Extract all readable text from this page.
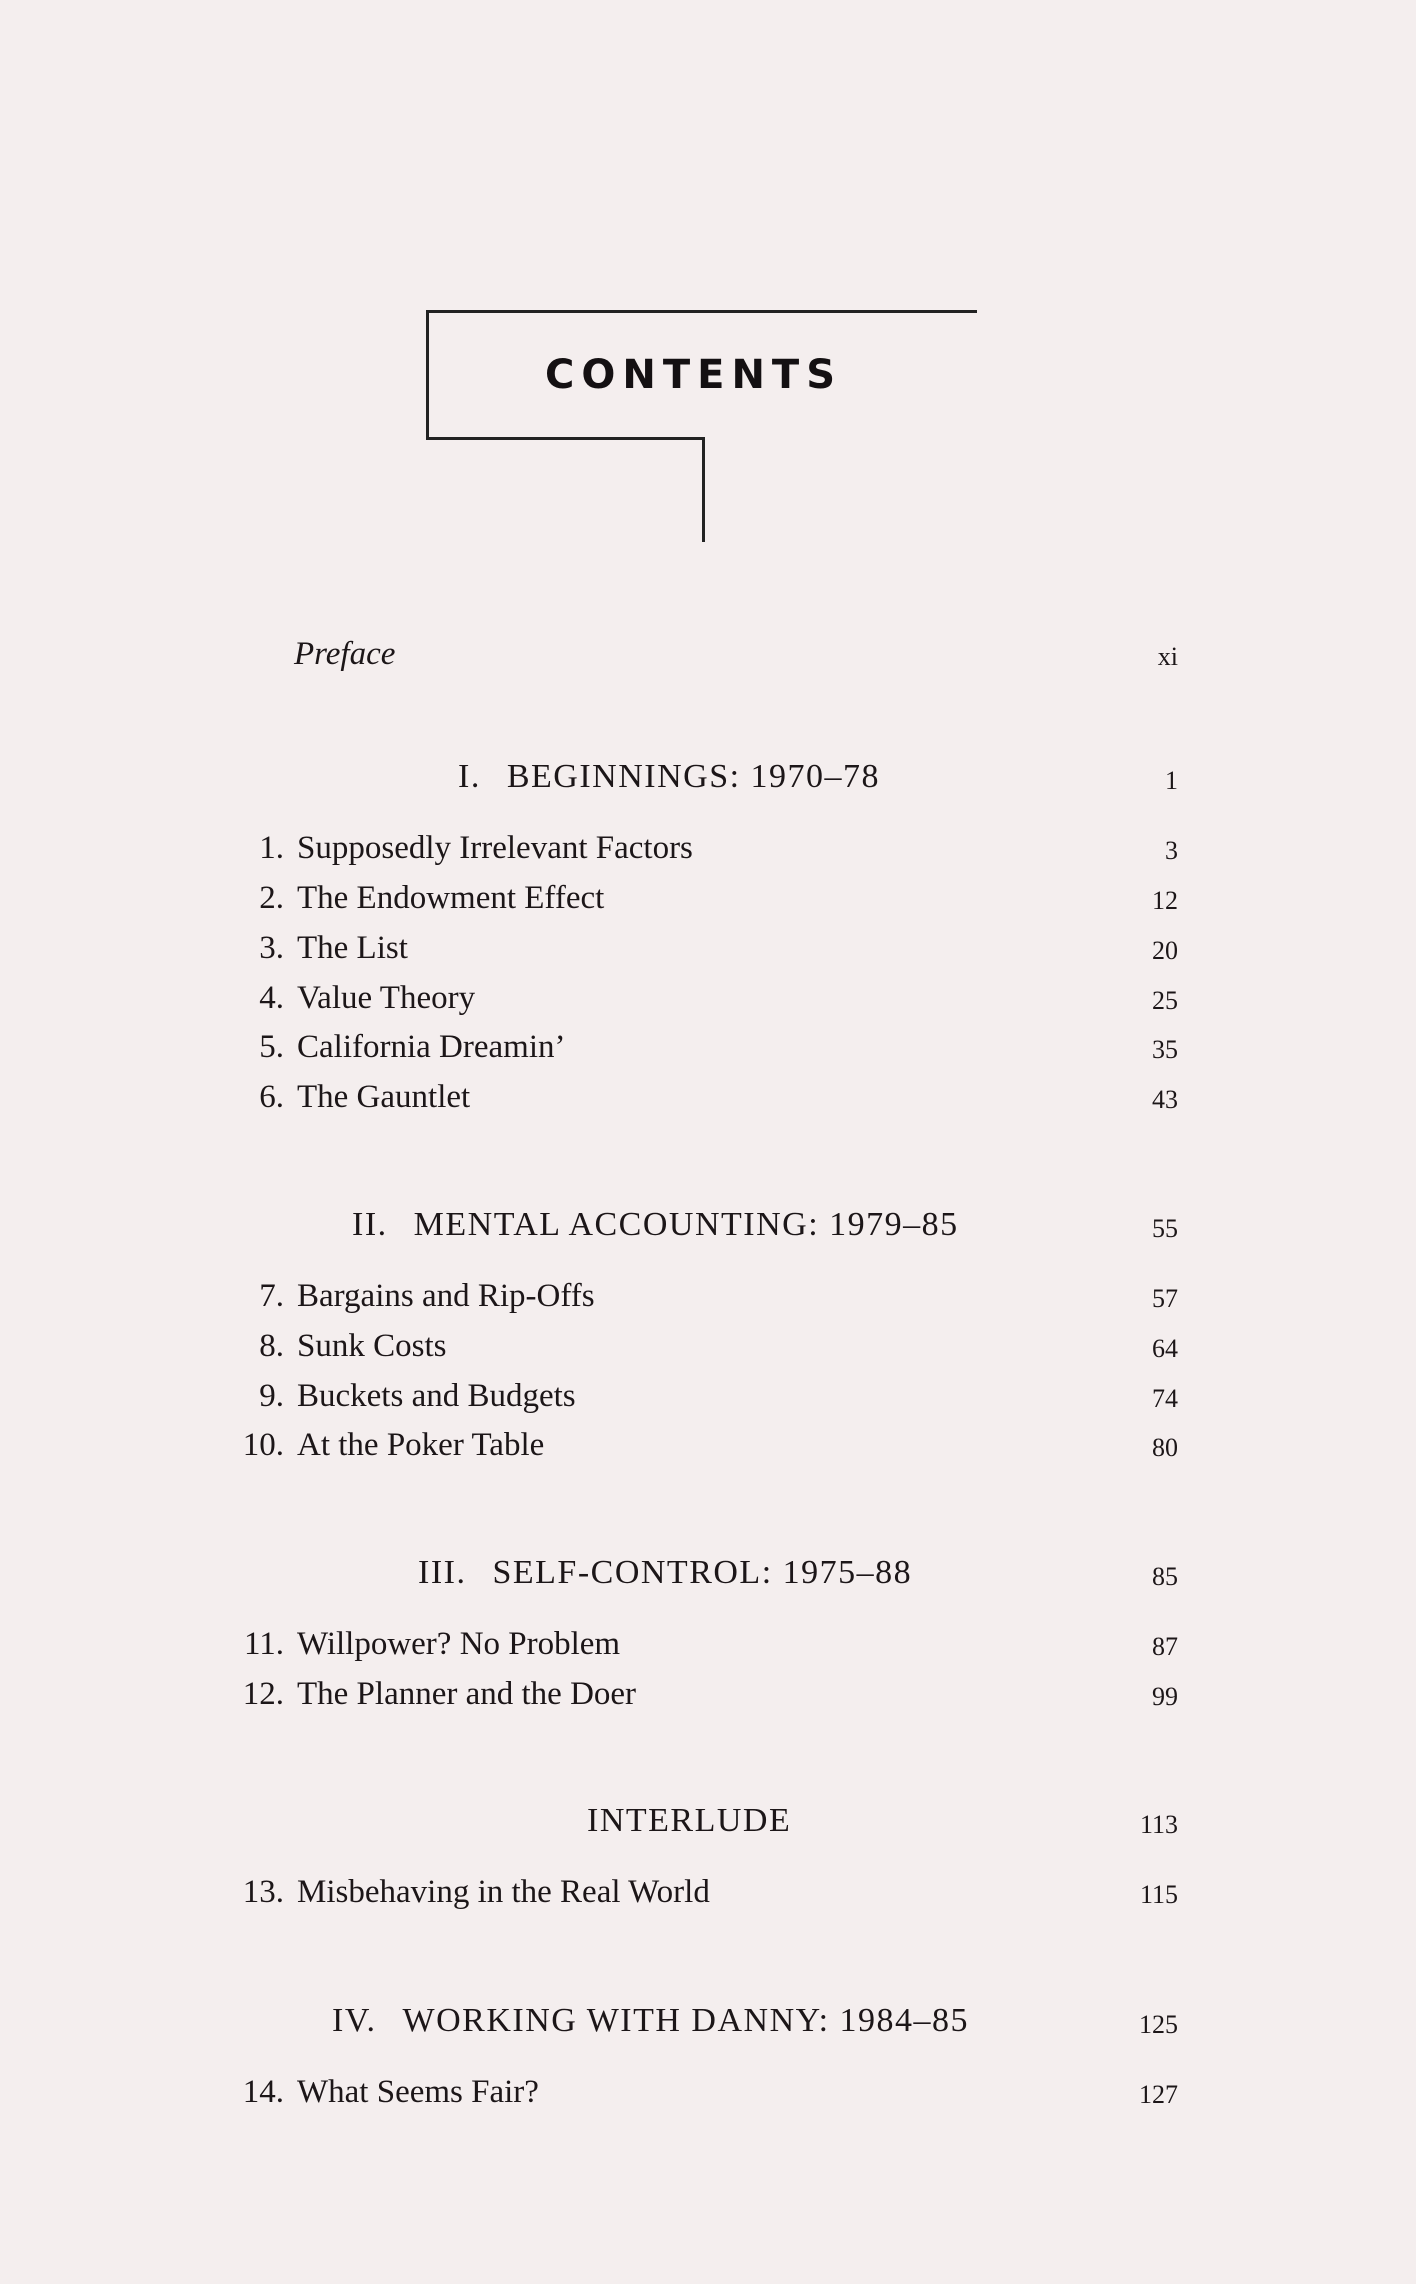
CONTENTS
Preface	xi
I. BEGINNINGS: 1970–78	1
1. Supposedly Irrelevant Factors	3
2. The Endowment Effect	12
3. The List	20
4. Value Theory	25
5. California Dreamin’	35
6. The Gauntlet	43
II. MENTAL ACCOUNTING: 1979–85	55
7. Bargains and Rip-Offs	57
8. Sunk Costs	64
9. Buckets and Budgets	74
10. At the Poker Table	80
III. SELF-CONTROL: 1975–88	85
11. Willpower? No Problem	87
12. The Planner and the Doer	99
INTERLUDE	113
13. Misbehaving in the Real World	115
IV. WORKING WITH DANNY: 1984–85	125
14. What Seems Fair?	127
